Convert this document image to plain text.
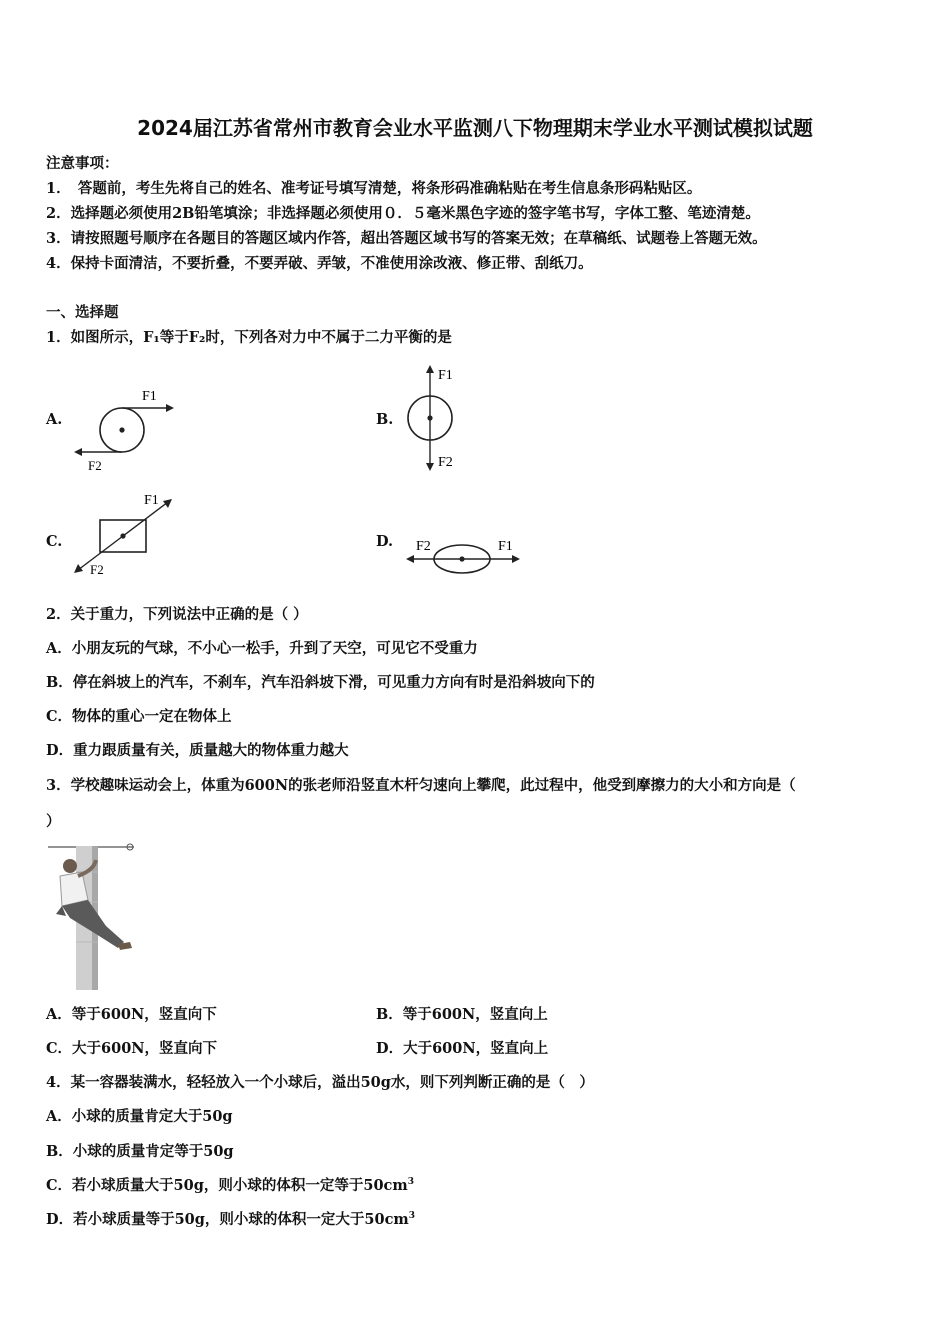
2024届江苏省常州市教育会业水平监测八下物理期末学业水平测试模拟试题
注意事项：
1．　答题前，考生先将自己的姓名、准考证号填写清楚，将条形码准确粘贴在考生信息条形码粘贴区。
2．选择题必须使用2B铅笔填涂；非选择题必须使用０．５毫米黑色字迹的签字笔书写，字体工整、笔迹清楚。
3．请按照题号顺序在各题目的答题区域内作答，超出答题区域书写的答案无效；在草稿纸、试题卷上答题无效。
4．保持卡面清洁，不要折叠，不要弄破、弄皱，不准使用涂改液、修正带、刮纸刀。
一、选择题
1．如图所示，F₁等于F₂时，下列各对力中不属于二力平衡的是
A.
F1
F2
B.
F1
F2
C.
F1
F2
D. F2	F1
2．关于重力，下列说法中正确的是（ ）
A．小朋友玩的气球，不小心一松手，升到了天空，可见它不受重力
B．停在斜坡上的汽车，不刹车，汽车沿斜坡下滑，可见重力方向有时是沿斜坡向下的
C．物体的重心一定在物体上
D．重力跟质量有关，质量越大的物体重力越大
3．学校趣味运动会上，体重为600N的张老师沿竖直木杆匀速向上攀爬，此过程中，他受到摩擦力的大小和方向是（
）
A．等于600N，竖直向下	B．等于600N，竖直向上
C．大于600N，竖直向下	D．大于600N，竖直向上
4．某一容器装满水，轻轻放入一个小球后，溢出50g水，则下列判断正确的是（　）
A．小球的质量肯定大于50g
B．小球的质量肯定等于50g
C．若小球质量大于50g，则小球的体积一定等于$50cm^3$
D．若小球质量等于50g，则小球的体积一定大于$50cm^3$
